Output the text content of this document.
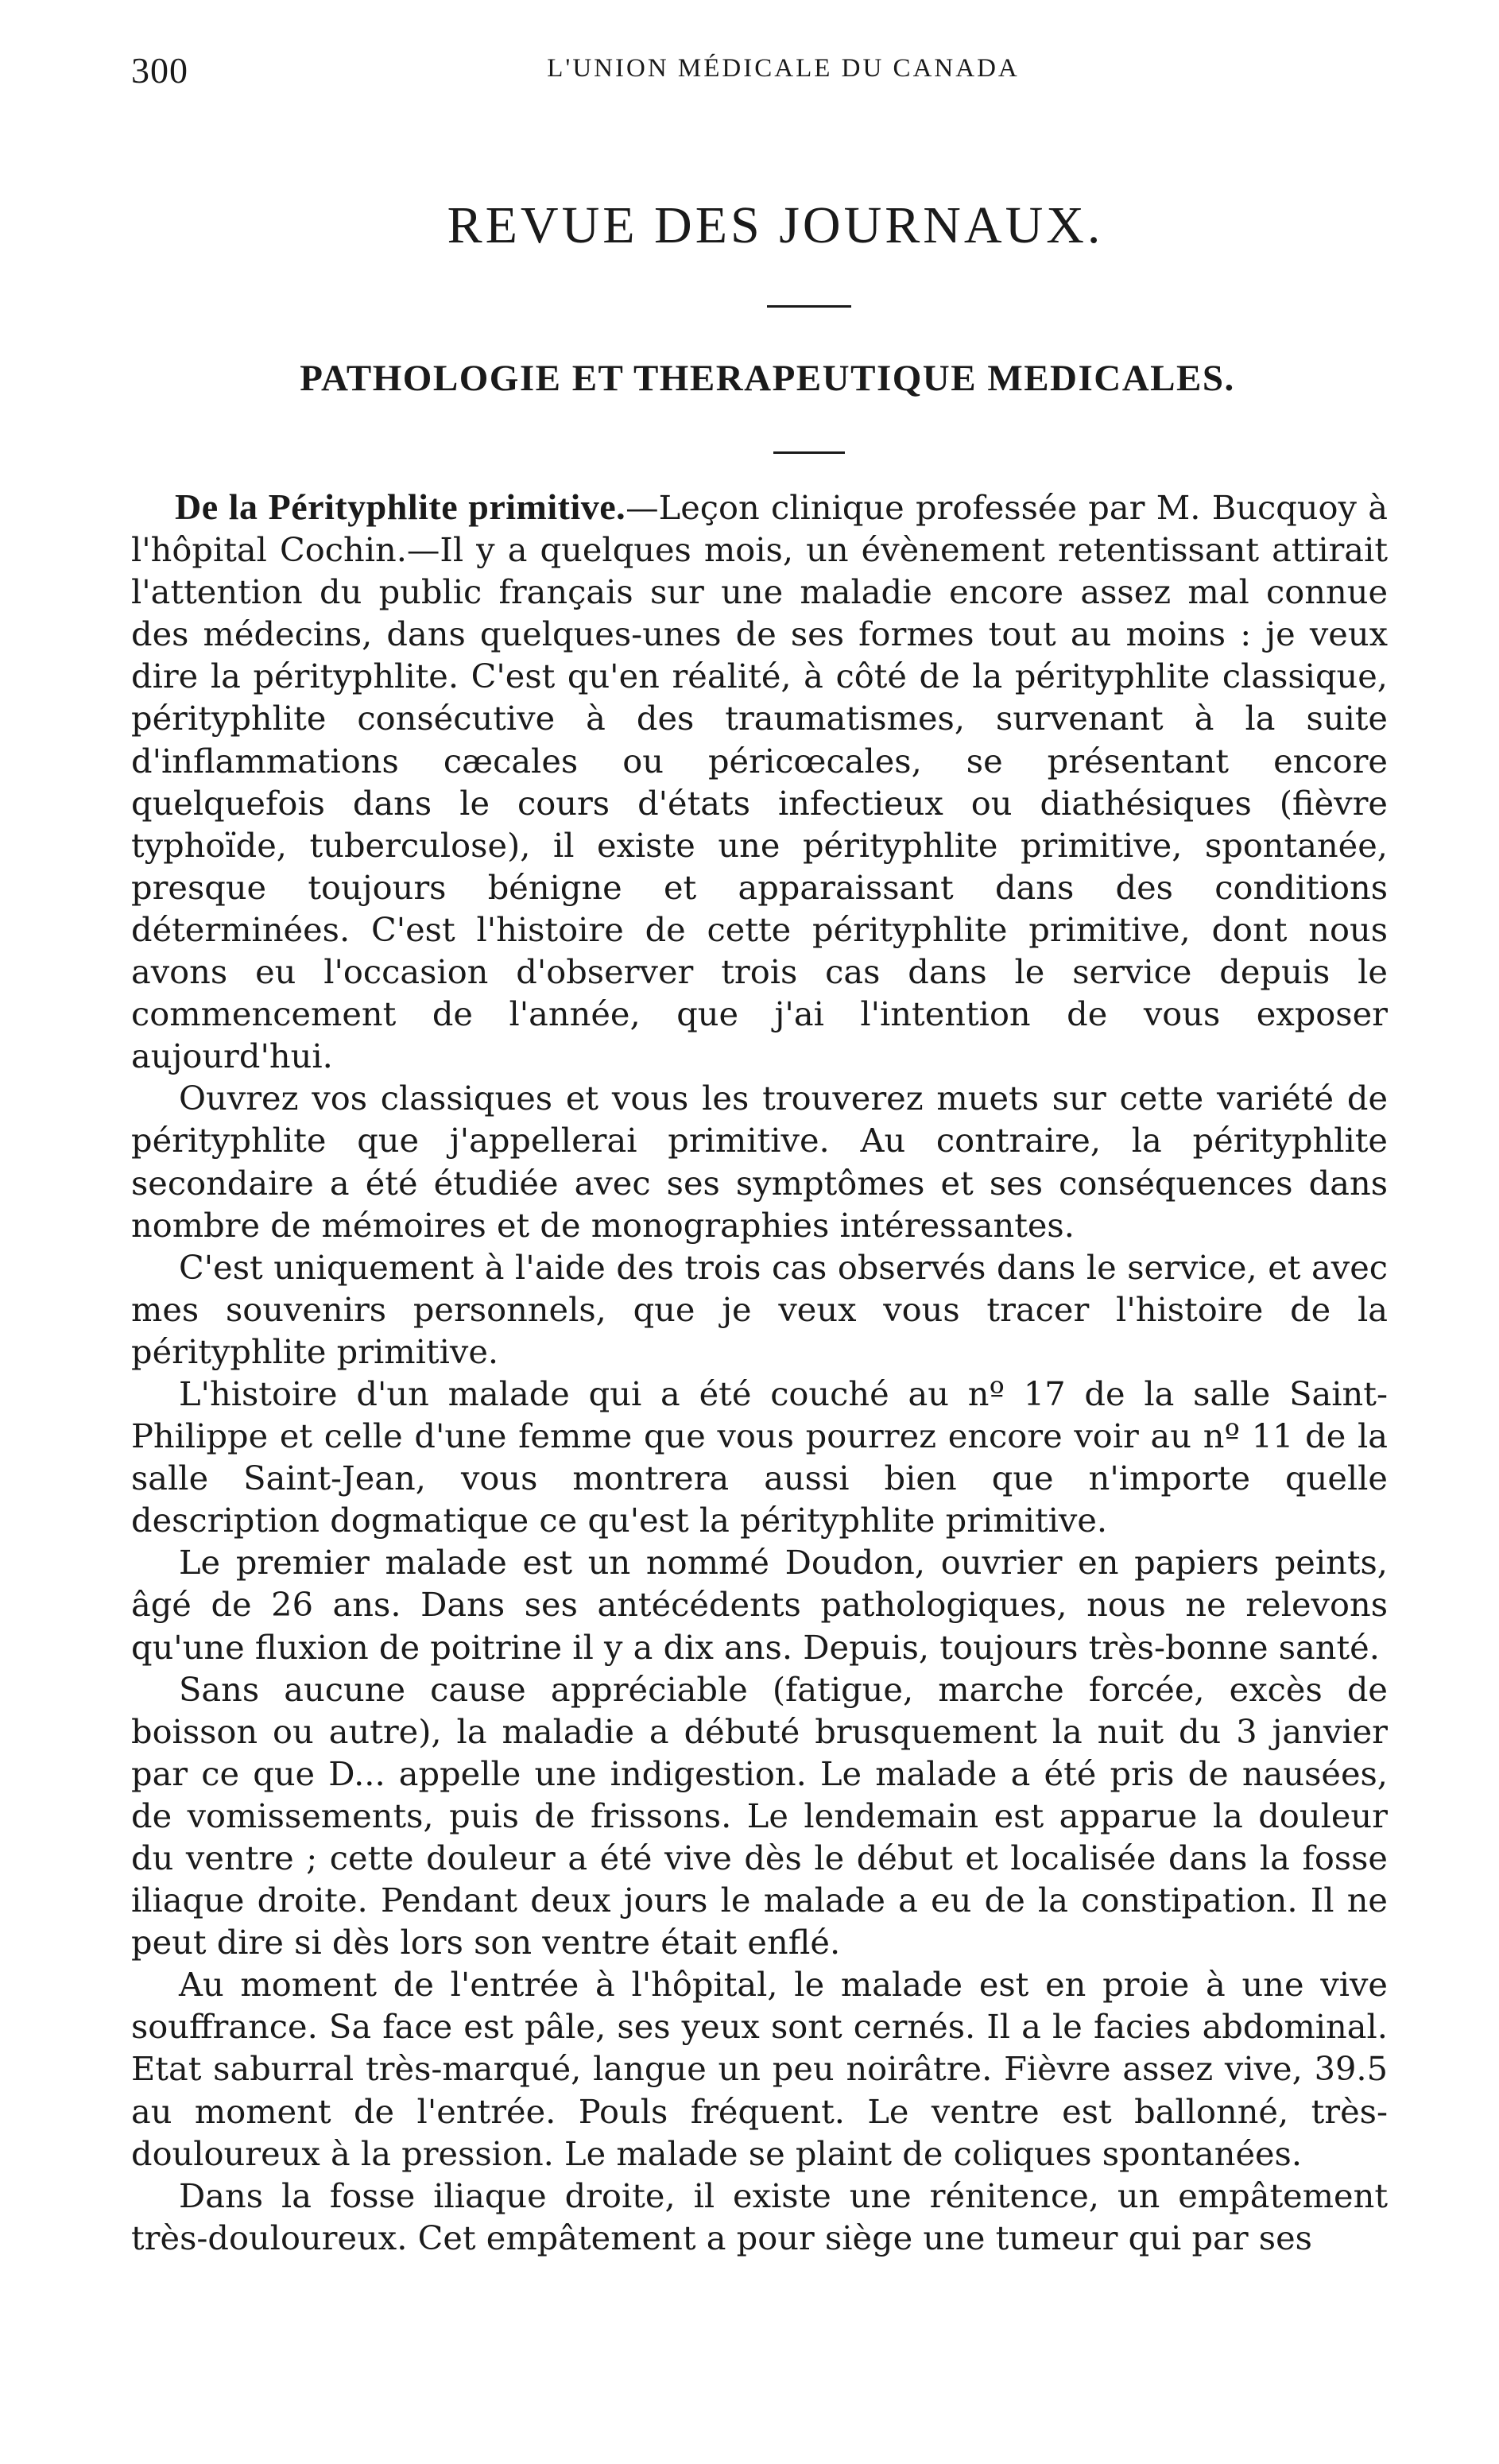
300	L'UNION MÉDICALE DU CANADA
REVUE DES JOURNAUX.
PATHOLOGIE ET THERAPEUTIQUE MEDICALES.

De la Pérityphlite primitive.—Leçon clinique professée par M. Bucquoy à l'hôpital Cochin.—Il y a quelques mois, un évènement retentissant attirait l'attention du public français sur une maladie encore assez mal connue des médecins, dans quelques-unes de ses formes tout au moins : je veux dire la pérityphlite. C'est qu'en réalité, à côté de la pérityphlite classique, pérityphlite consécutive à des traumatismes, survenant à la suite d'inflammations cæcales ou péricœcales, se présentant encore quelquefois dans le cours d'états infectieux ou diathésiques (fièvre typhoïde, tuberculose), il existe une pérityphlite primitive, spontanée, presque toujours bénigne et apparaissant dans des conditions déterminées. C'est l'histoire de cette pérityphlite primitive, dont nous avons eu l'occasion d'observer trois cas dans le service depuis le commencement de l'année, que j'ai l'intention de vous exposer aujourd'hui.

Ouvrez vos classiques et vous les trouverez muets sur cette variété de pérityphlite que j'appellerai primitive. Au contraire, la pérityphlite secondaire a été étudiée avec ses symptômes et ses conséquences dans nombre de mémoires et de monographies intéressantes.

C'est uniquement à l'aide des trois cas observés dans le service, et avec mes souvenirs personnels, que je veux vous tracer l'histoire de la pérityphlite primitive.

L'histoire d'un malade qui a été couché au nº 17 de la salle Saint-Philippe et celle d'une femme que vous pourrez encore voir au nº 11 de la salle Saint-Jean, vous montrera aussi bien que n'importe quelle description dogmatique ce qu'est la pérityphlite primitive.

Le premier malade est un nommé Doudon, ouvrier en papiers peints, âgé de 26 ans. Dans ses antécédents pathologiques, nous ne relevons qu'une fluxion de poitrine il y a dix ans. Depuis, toujours très-bonne santé.

Sans aucune cause appréciable (fatigue, marche forcée, excès de boisson ou autre), la maladie a débuté brusquement la nuit du 3 janvier par ce que D... appelle une indigestion. Le malade a été pris de nausées, de vomissements, puis de frissons. Le lendemain est apparue la douleur du ventre ; cette douleur a été vive dès le début et localisée dans la fosse iliaque droite. Pendant deux jours le malade a eu de la constipation. Il ne peut dire si dès lors son ventre était enflé.

Au moment de l'entrée à l'hôpital, le malade est en proie à une vive souffrance. Sa face est pâle, ses yeux sont cernés. Il a le facies abdominal. Etat saburral très-marqué, langue un peu noirâtre. Fièvre assez vive, 39.5 au moment de l'entrée. Pouls fréquent. Le ventre est ballonné, très-douloureux à la pression. Le malade se plaint de coliques spontanées.

Dans la fosse iliaque droite, il existe une rénitence, un empâtement très-douloureux. Cet empâtement a pour siège une tumeur qui par ses
